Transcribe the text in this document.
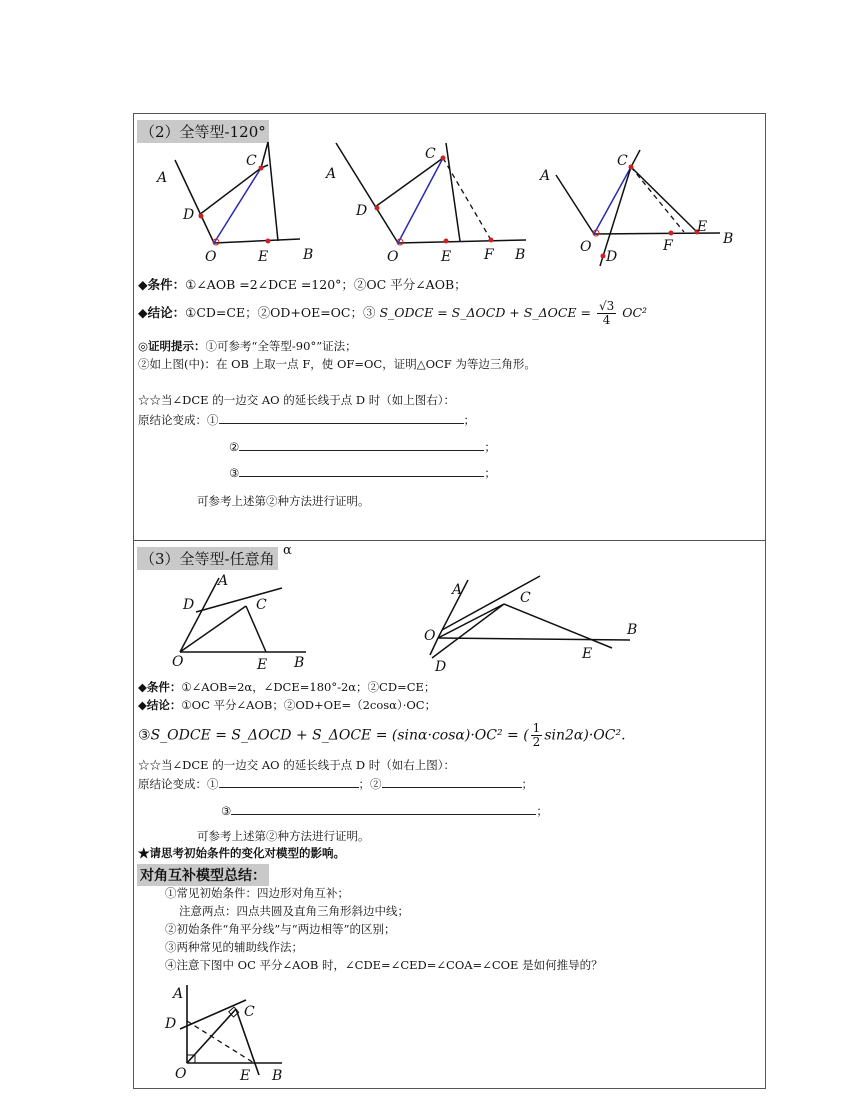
（2）全等型-120°
A
D
C
O	E B
A
D
C
O	E F B
A
C
O
D
F
E
B
◆条件：①∠AOB =2∠DCE =120°；②OC 平分∠AOB；
◆结论：①CD=CE；②OD+OE=OC；③ S_ODCE = S_ΔOCD + S_ΔOCE = $\frac{√3}{4} OC^2$
◎证明提示：①可参考“全等型-90°”证法；
②如上图(中)：在 OB 上取一点 F，使 OF=OC，证明△OCF 为等边三角形。
☆☆当∠DCE 的一边交 AO 的延长线于点 D 时（如上图右）：
原结论变成：①	；
②	；
③	；
可参考上述第②种方法进行证明。
（3）全等型-任意角 α
A
D	C
O	E B
A	C
O
D
E
B
◆条件：①∠AOB=2α，∠DCE=180°-2α；②CD=CE；
◆结论：①OC 平分∠AOB；②OD+OE=（2cosα）·OC；
③S_ODCE = S_ΔOCD + S_ΔOCE = (sinα·cosα)·OC² = ( $\frac{1}{2} \sin 2\alpha)\cdot OC^2$.
☆☆当∠DCE 的一边交 AO 的延长线于点 D 时（如右上图）：
原结论变成：①	；②	；
③	；
可参考上述第②种方法进行证明。
★请思考初始条件的变化对模型的影响。
对角互补模型总结：
①常见初始条件：四边形对角互补；
注意两点：四点共圆及直角三角形斜边中线；
②初始条件“角平分线”与“两边相等”的区别；
③两种常见的辅助线作法；
④注意下图中 OC 平分∠AOB 时，∠CDE=∠CED=∠COA=∠COE 是如何推导的？
A
D
C
O	E B
